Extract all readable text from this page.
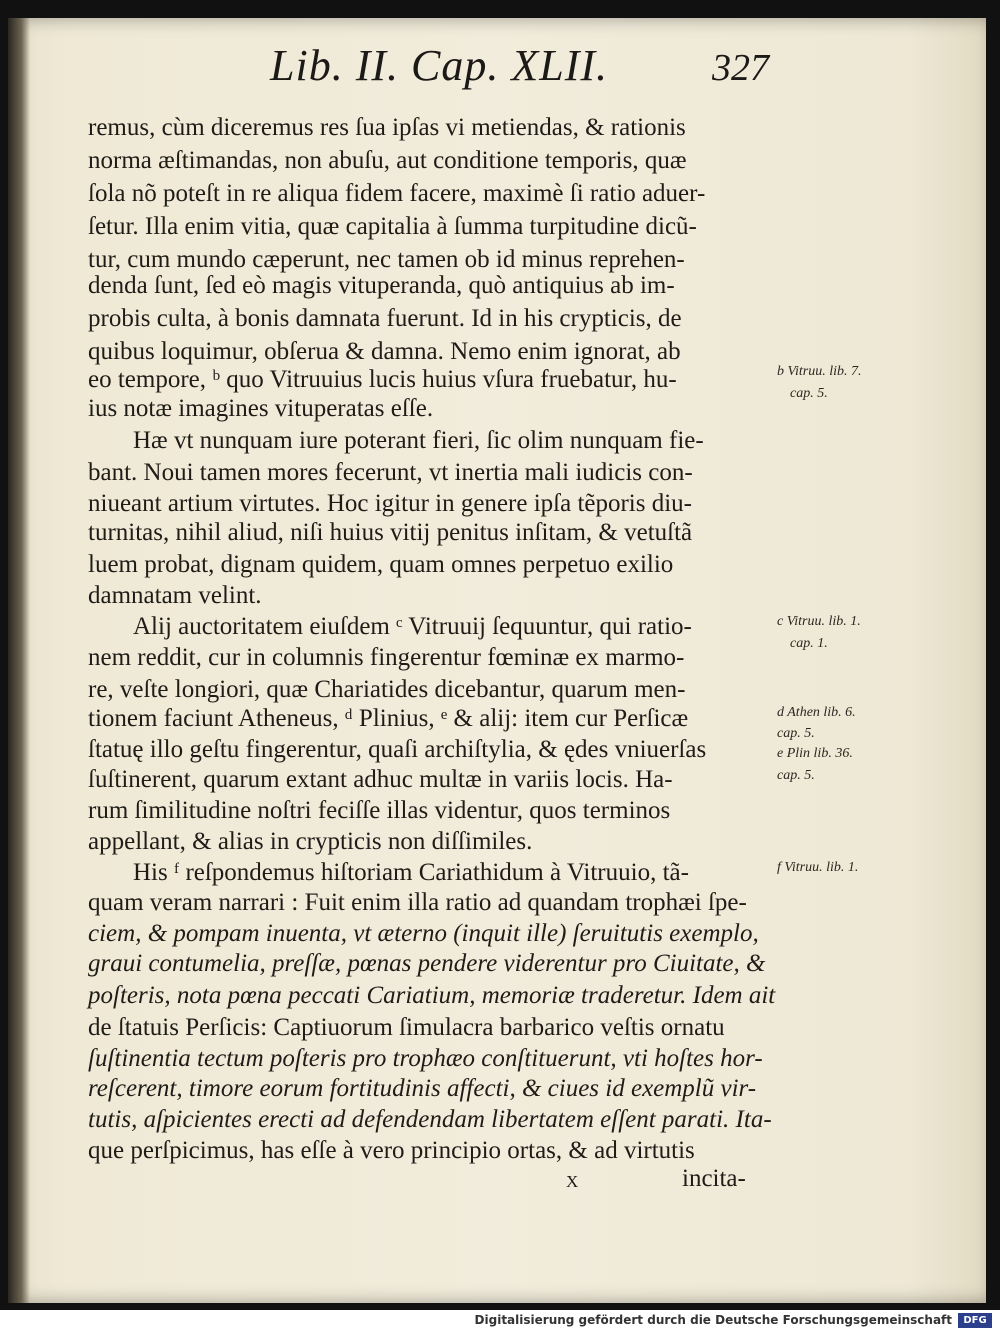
Lib. II. Cap. XLII.	327
remus, cùm diceremus res ſua ipſas vi metiendas, & rationis
norma æſtimandas, non abuſu, aut conditione temporis, quæ
ſola nõ poteſt in re aliqua fidem facere, maximè ſi ratio aduer-
ſetur. Illa enim vitia, quæ capitalia à ſumma turpitudine dicũ-
tur, cum mundo cæperunt, nec tamen ob id minus reprehen-
denda ſunt, ſed eò magis vituperanda, quò antiquius ab im-
probis culta, à bonis damnata fuerunt. Id in his crypticis, de
quibus loquimur, obſerua & damna. Nemo enim ignorat, ab
eo tempore, ᵇ quo Vitruuius lucis huius vſura fruebatur, hu-
ius notæ imagines vituperatas eſſe.
Hæ vt nunquam iure poterant fieri, ſic olim nunquam fie-
bant. Noui tamen mores fecerunt, vt inertia mali iudicis con-
niueant artium virtutes. Hoc igitur in genere ipſa tẽporis diu-
turnitas, nihil aliud, niſi huius vitij penitus inſitam, & vetuſtã
luem probat, dignam quidem, quam omnes perpetuo exilio
damnatam velint.
Alij auctoritatem eiuſdem ᶜ Vitruuij ſequuntur, qui ratio-
nem reddit, cur in columnis fingerentur fœminæ ex marmo-
re, veſte longiori, quæ Chariatides dicebantur, quarum men-
tionem faciunt Atheneus, ᵈ Plinius, ᵉ & alij: item cur Perſicæ
ſtatuę illo geſtu fingerentur, quaſi archiſtylia, & ędes vniuerſas
ſuſtinerent, quarum extant adhuc multæ in variis locis. Ha-
rum ſimilitudine noſtri feciſſe illas videntur, quos terminos
appellant, & alias in crypticis non diſſimiles.
His ᶠ reſpondemus hiſtoriam Cariathidum à Vitruuio, tã-
quam veram narrari : Fuit enim illa ratio ad quandam trophæi ſpe-
ciem, & pompam inuenta, vt æterno (inquit ille) ſeruitutis exemplo,
graui contumelia, preſſæ, pœnas pendere viderentur pro Ciuitate, &
poſteris, nota pœna peccati Cariatium, memoriæ traderetur. Idem ait
de ſtatuis Perſicis: Captiuorum ſimulacra barbarico veſtis ornatu
ſuſtinentia tectum poſteris pro trophæo conſtituerunt, vti hoſtes hor-
reſcerent, timore eorum fortitudinis affecti, & ciues id exemplũ vir-
tutis, aſpicientes erecti ad defendendam libertatem eſſent parati. Ita-
que perſpicimus, has eſſe à vero principio ortas, & ad virtutis
b Vitruu. lib. 7.
cap. 5.
c Vitruu. lib. 1.
cap. 1.
d Athen lib. 6.
cap. 5.
e Plin lib. 36.
cap. 5.
f Vitruu. lib. 1.
X	incita-
Digitalisierung gefördert durch die Deutsche Forschungsgemeinschaft	DFG
